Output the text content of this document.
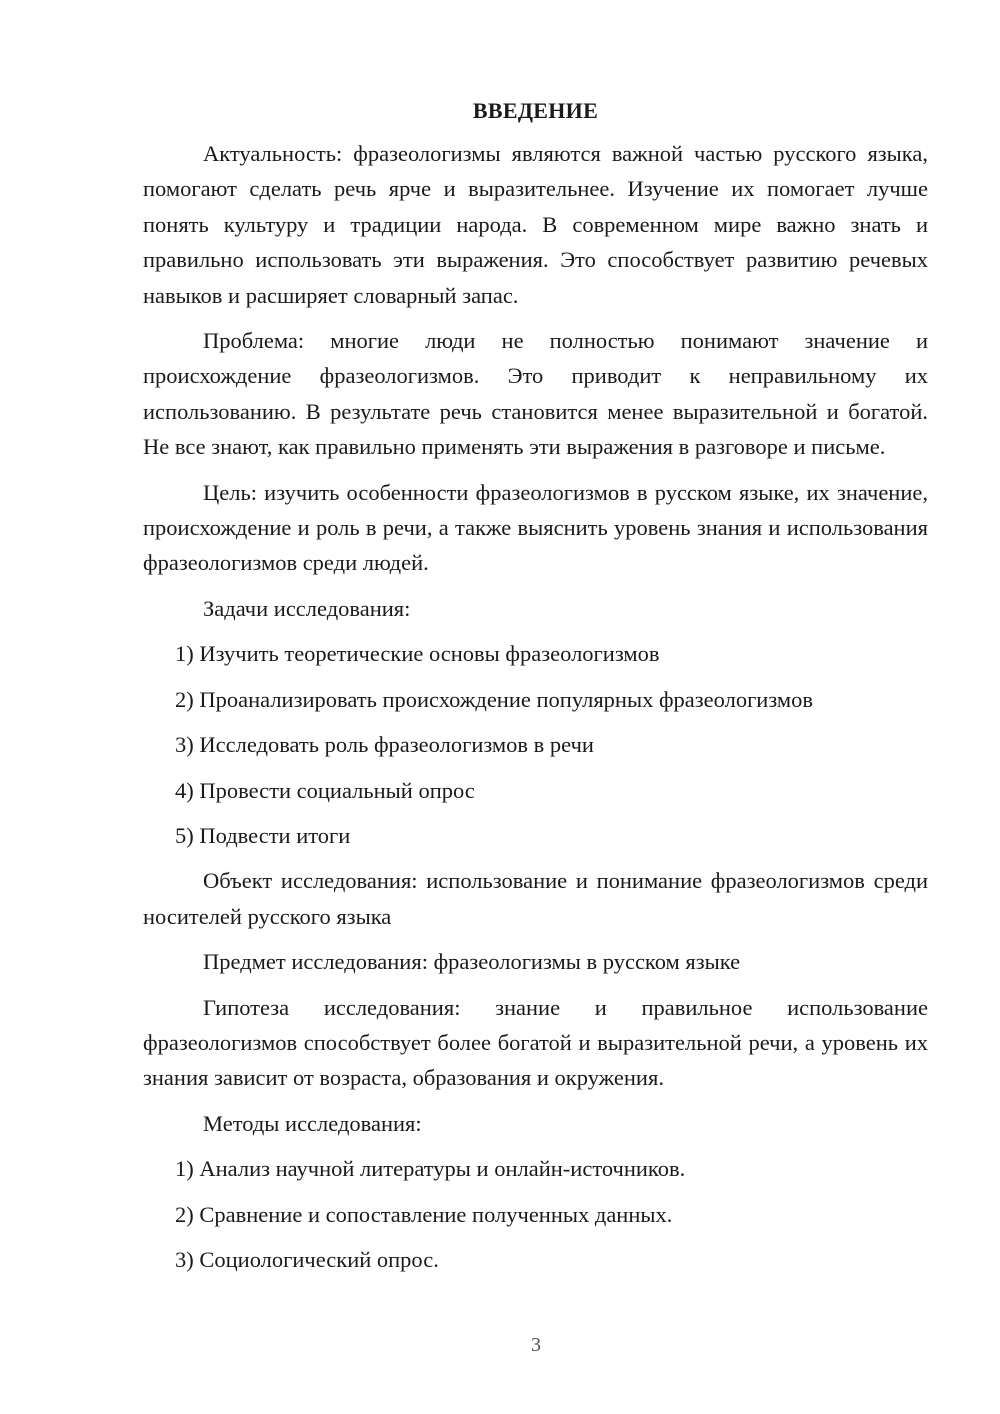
ВВЕДЕНИЕ

Актуальность: фразеологизмы являются важной частью русского языка, помогают сделать речь ярче и выразительнее. Изучение их помогает лучше понять культуру и традиции народа. В современном мире важно знать и правильно использовать эти выражения. Это способствует развитию речевых навыков и расширяет словарный запас.

Проблема: многие люди не полностью понимают значение и происхождение фразеологизмов. Это приводит к неправильному их использованию. В результате речь становится менее выразительной и богатой. Не все знают, как правильно применять эти выражения в разговоре и письме.

Цель: изучить особенности фразеологизмов в русском языке, их значение, происхождение и роль в речи, а также выяснить уровень знания и использования фразеологизмов среди людей.

Задачи исследования:
1) Изучить теоретические основы фразеологизмов
2) Проанализировать происхождение популярных фразеологизмов
3) Исследовать роль фразеологизмов в речи
4) Провести социальный опрос
5) Подвести итоги

Объект исследования: использование и понимание фразеологизмов среди носителей русского языка

Предмет исследования: фразеологизмы в русском языке

Гипотеза исследования: знание и правильное использование фразеологизмов способствует более богатой и выразительной речи, а уровень их знания зависит от возраста, образования и окружения.

Методы исследования:
1) Анализ научной литературы и онлайн-источников.
2) Сравнение и сопоставление полученных данных.
3) Социологический опрос.
3
